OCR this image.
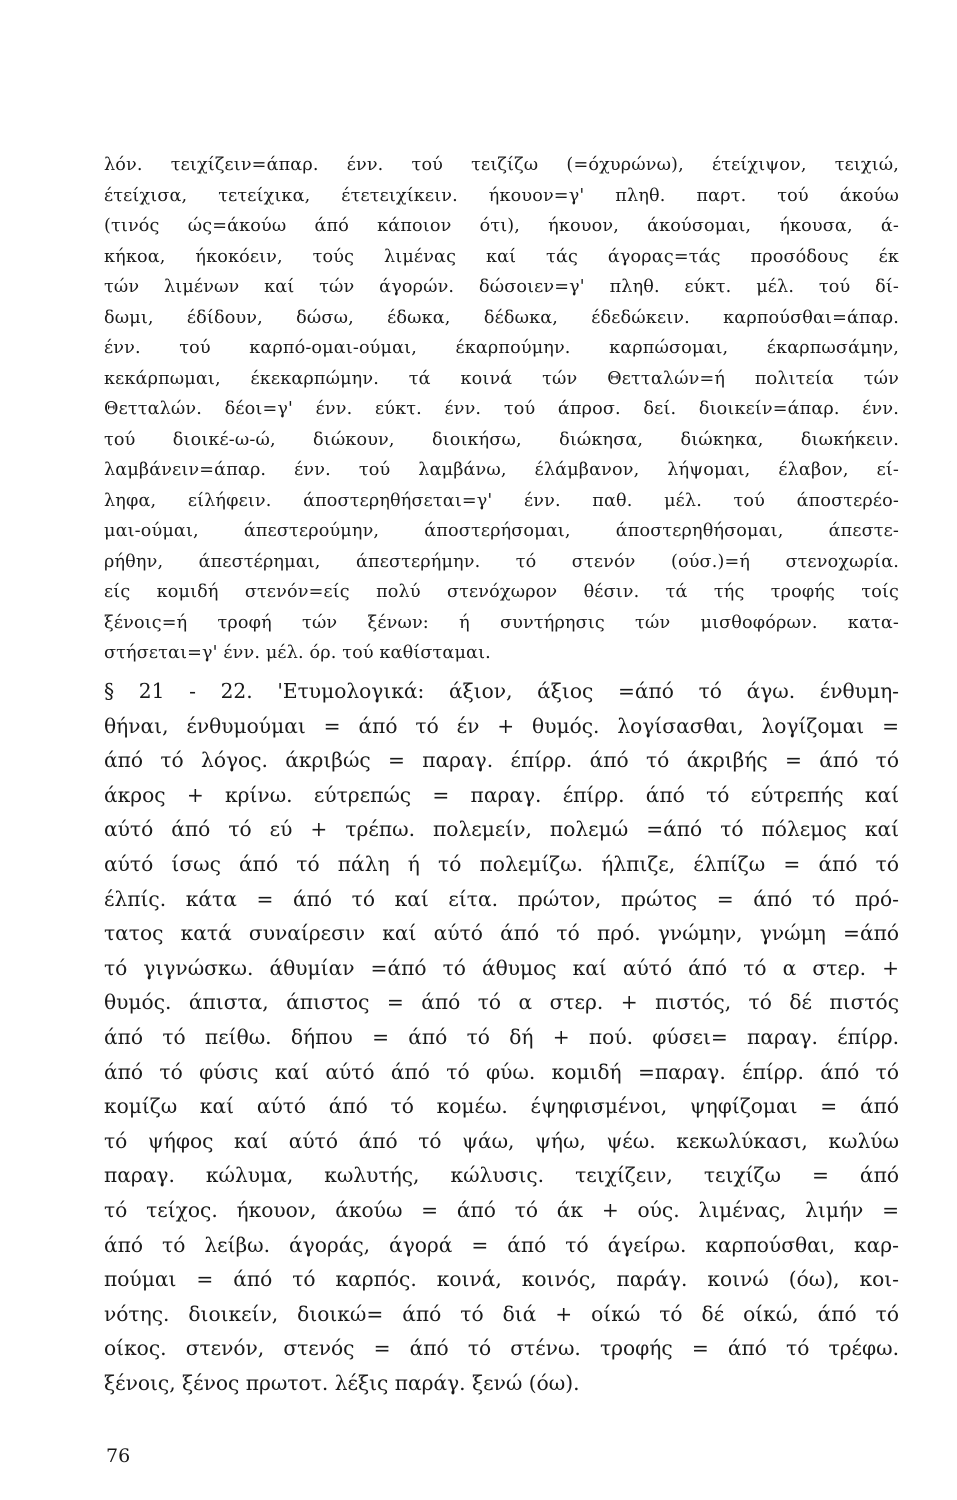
λόν. τειχίζειν=άπαρ. ένν. τού τειζίζω (=όχυρώνω), έτείχιψον, τειχιώ,
έτείχισα, τετείχικα, έτετειχίκειν. ήκουον=γ' πληθ. παρτ. τού άκούω
(τινός ώς=άκούω άπό κάποιον ότι), ήκουον, άκούσομαι, ήκουσα, ά-
κήκοα, ήκοκόειν, τούς λιμένας καί τάς άγορας=τάς προσόδους έκ
τών λιμένων καί τών άγορών. δώσοιεν=γ' πληθ. εύκτ. μέλ. τού δί-
δωμι, έδίδουν, δώσω, έδωκα, δέδωκα, έδεδώκειν. καρπούσθαι=άπαρ.
ένν. τού καρπό-ομαι-ούμαι, έκαρπούμην. καρπώσομαι, έκαρπωσάμην,
κεκάρπωμαι, έκεκαρπώμην. τά κοινά τών Θετταλών=ή πολιτεία τών
Θετταλών. δέοι=γ' ένν. εύκτ. ένν. τού άπροσ. δεί. διοικείν=άπαρ. ένν.
τού διοικέ-ω-ώ, διώκουν, διοικήσω, διώκησα, διώκηκα, διωκήκειν.
λαμβάνειν=άπαρ. ένν. τού λαμβάνω, έλάμβανον, λήψομαι, έλαβον, εί-
ληφα, είλήφειν. άποστερηθήσεται=γ' ένν. παθ. μέλ. τού άποστερέο-
μαι-ούμαι, άπεστερούμην, άποστερήσομαι, άποστερηθήσομαι, άπεστε-
ρήθην, άπεστέρημαι, άπεστερήμην. τό στενόν (ούσ.)=ή στενοχωρία.
είς κομιδή στενόν=είς πολύ στενόχωρον θέσιν. τά τής τροφής τοίς
ξένοις=ή τροφή τών ξένων: ή συντήρησις τών μισθοφόρων. κατα-
στήσεται=γ' ένν. μέλ. όρ. τού καθίσταμαι.
§ 21 - 22. 'Ετυμολογικά: άξιον, άξιος =άπό τό άγω. ένθυμη-
θήναι, ένθυμούμαι = άπό τό έν + θυμός. λογίσασθαι, λογίζομαι =
άπό τό λόγος. άκριβώς = παραγ. έπίρρ. άπό τό άκριβής = άπό τό
άκρος + κρίνω. εύτρεπώς = παραγ. έπίρρ. άπό τό εύτρεπής καί
αύτό άπό τό εύ + τρέπω. πολεμείν, πολεμώ =άπό τό πόλεμος καί
αύτό ίσως άπό τό πάλη ή τό πολεμίζω. ήλπιζε, έλπίζω = άπό τό
έλπίς. κάτα = άπό τό καί είτα. πρώτον, πρώτος = άπό τό πρό-
τατος κατά συναίρεσιν καί αύτό άπό τό πρό. γνώμην, γνώμη =άπό
τό γιγνώσκω. άθυμίαν =άπό τό άθυμος καί αύτό άπό τό α στερ. +
θυμός. άπιστα, άπιστος = άπό τό α στερ. + πιστός, τό δέ πιστός
άπό τό πείθω. δήπου = άπό τό δή + πού. φύσει= παραγ. έπίρρ.
άπό τό φύσις καί αύτό άπό τό φύω. κομιδή =παραγ. έπίρρ. άπό τό
κομίζω καί αύτό άπό τό κομέω. έψηφισμένοι, ψηφίζομαι = άπό
τό ψήφος καί αύτό άπό τό ψάω, ψήω, ψέω. κεκωλύκασι, κωλύω
παραγ. κώλυμα, κωλυτής, κώλυσις. τειχίζειν, τειχίζω = άπό
τό τείχος. ήκουον, άκούω = άπό τό άκ + ούς. λιμένας, λιμήν =
άπό τό λείβω. άγοράς, άγορά = άπό τό άγείρω. καρπούσθαι, καρ-
πούμαι = άπό τό καρπός. κοινά, κοινός, παράγ. κοινώ (όω), κοι-
νότης. διοικείν, διοικώ= άπό τό διά + οίκώ τό δέ οίκώ, άπό τό
οίκος. στενόν, στενός = άπό τό στένω. τροφής = άπό τό τρέφω.
ξένοις, ξένος πρωτοτ. λέξις παράγ. ξενώ (όω).
76
